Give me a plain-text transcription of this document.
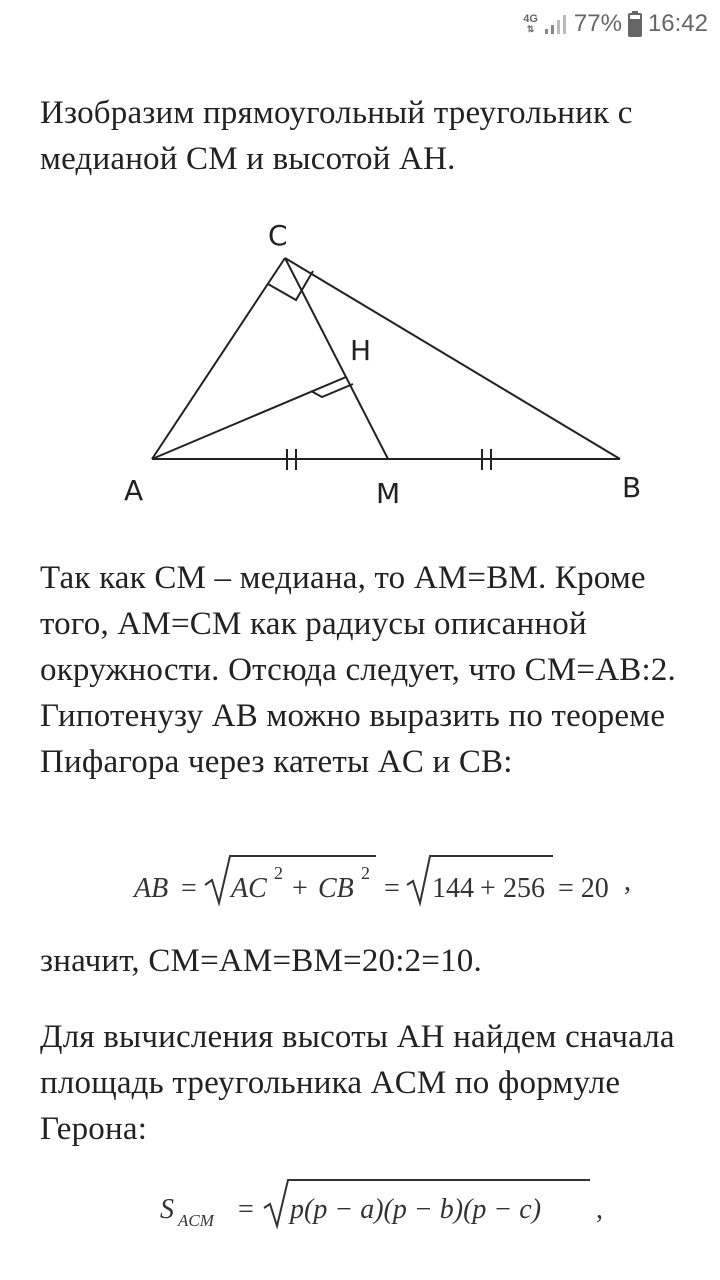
4G
⇅ 77% 16:42

Изобразим прямоугольный треугольник с медианой CM и высотой AH.

C
H
A	M	B

Так как CM – медиана, то AM=BM. Кроме того, AM=CM как радиусы описанной окружности. Отсюда следует, что CM=AB:2. Гипотенузу AB можно выразить по теореме Пифагора через катеты AC и CB:

AB = AC 2 + CB 2 = 144 + 256 = 20 ,

значит, CM=AM=BM=20:2=10.

Для вычисления высоты AH найдем сначала площадь треугольника ACM по формуле Герона:

S ACM = p(p − a)(p − b)(p − c) ,
